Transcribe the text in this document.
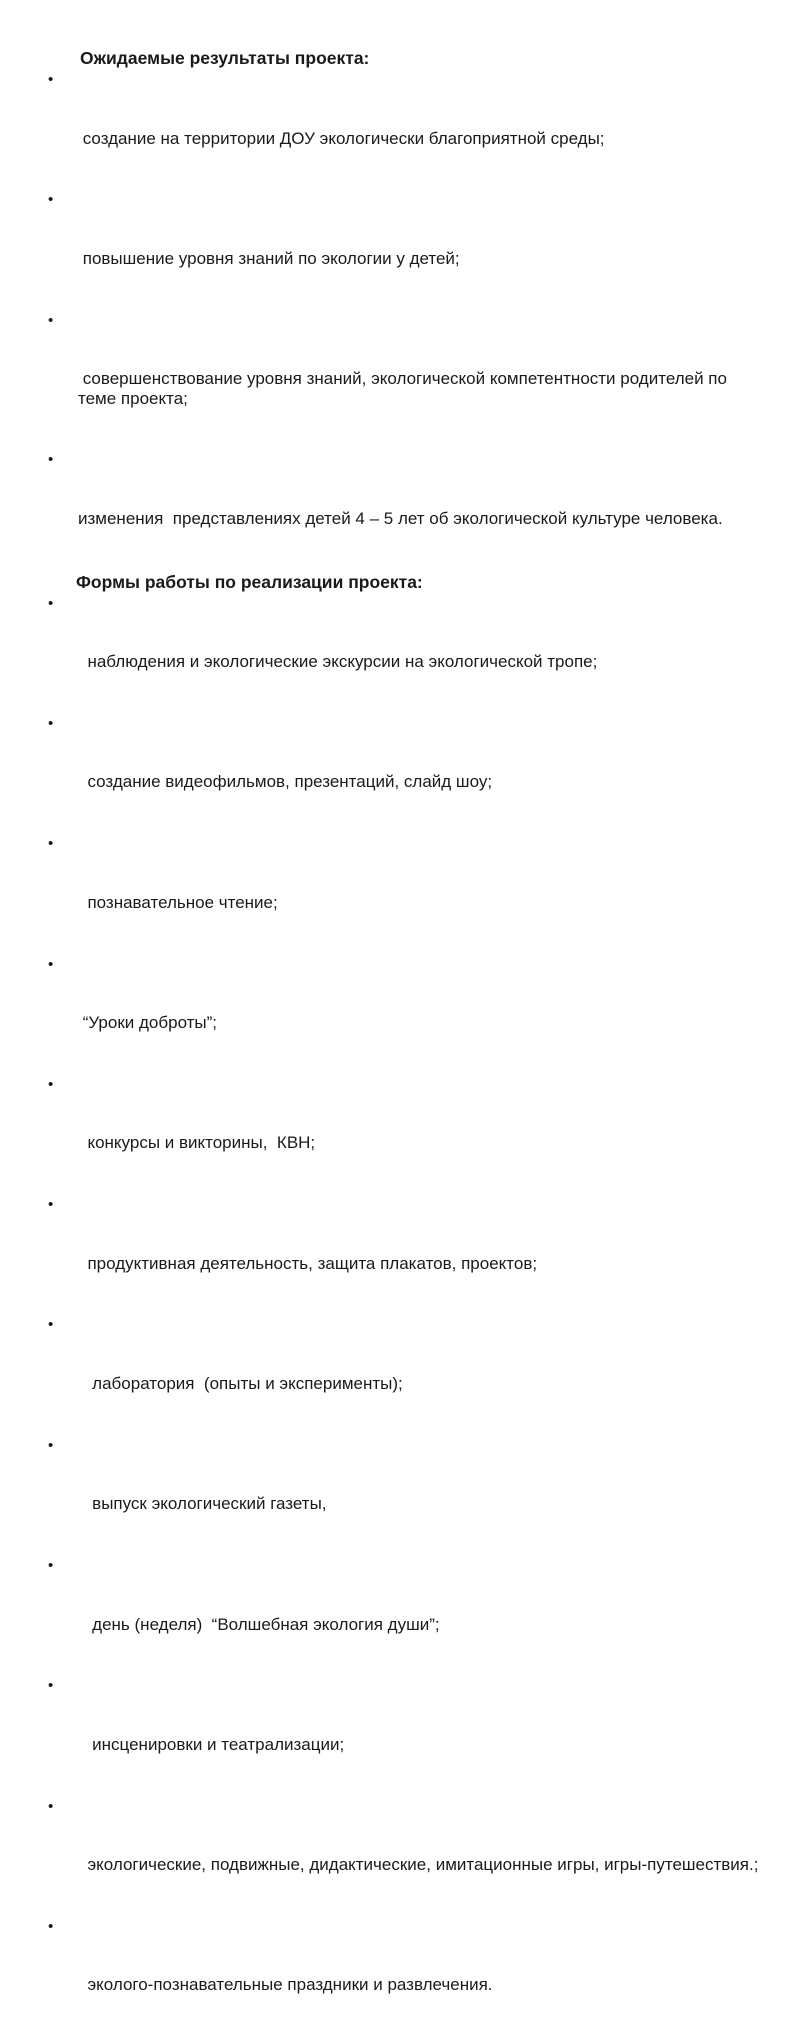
Ожидаемые результаты проекта:

•

создание на территории ДОУ экологически благоприятной среды;

•

повышение уровня знаний по экологии у детей;

•

совершенствование уровня знаний, экологической компетентности родителей по теме проекта;

•

изменения  представлениях детей 4 – 5 лет об экологической культуре человека.

Формы работы по реализации проекта:

•

наблюдения и экологические экскурсии на экологической тропе;

•

создание видеофильмов, презентаций, слайд шоу;

•

познавательное чтение;

•

“Уроки доброты”;

•

конкурсы и викторины,  КВН;

•

продуктивная деятельность, защита плакатов, проектов;

•

лаборатория  (опыты и эксперименты);

•

выпуск экологический газеты,

•

день (неделя)  “Волшебная экология души”;

•

инсценировки и театрализации;

•

экологические, подвижные, дидактические, имитационные игры, игры-путешествия.;

•

эколого-познавательные праздники и развлечения.
